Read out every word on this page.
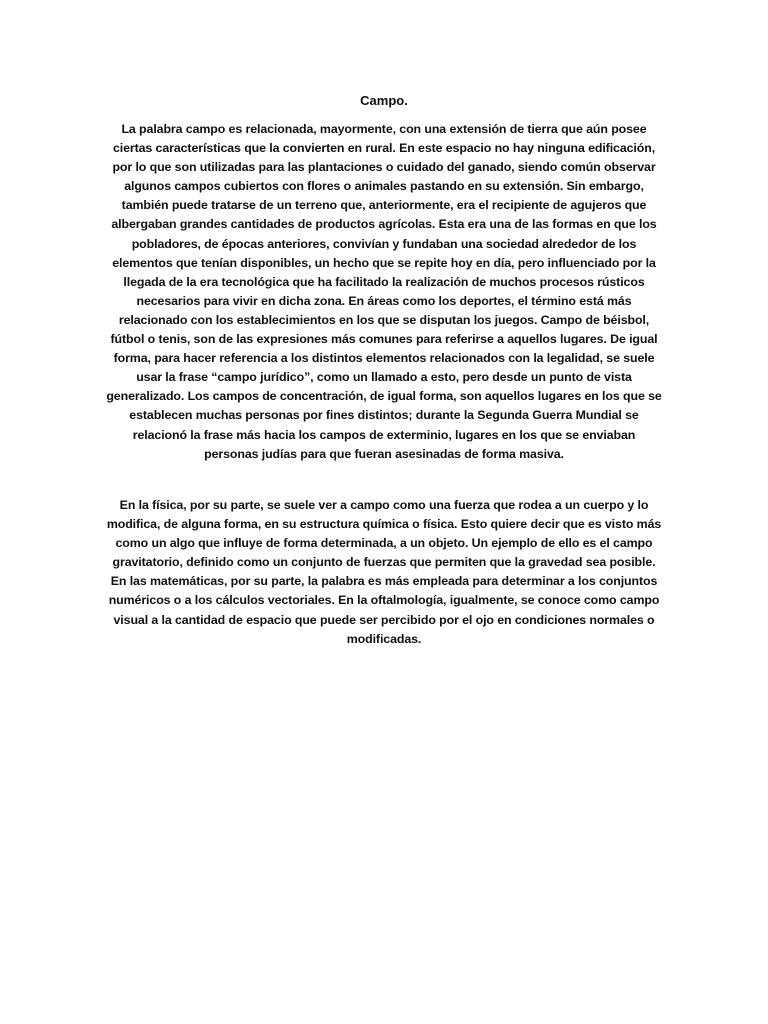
Campo.

La palabra campo es relacionada, mayormente, con una extensión de tierra que aún posee ciertas características que la convierten en rural. En este espacio no hay ninguna edificación, por lo que son utilizadas para las plantaciones o cuidado del ganado, siendo común observar algunos campos cubiertos con flores o animales pastando en su extensión. Sin embargo, también puede tratarse de un terreno que, anteriormente, era el recipiente de agujeros que albergaban grandes cantidades de productos agrícolas. Esta era una de las formas en que los pobladores, de épocas anteriores, convivían y fundaban una sociedad alrededor de los elementos que tenían disponibles, un hecho que se repite hoy en día, pero influenciado por la llegada de la era tecnológica que ha facilitado la realización de muchos procesos rústicos necesarios para vivir en dicha zona. En áreas como los deportes, el término está más relacionado con los establecimientos en los que se disputan los juegos. Campo de béisbol, fútbol o tenis, son de las expresiones más comunes para referirse a aquellos lugares. De igual forma, para hacer referencia a los distintos elementos relacionados con la legalidad, se suele usar la frase “campo jurídico”, como un llamado a esto, pero desde un punto de vista generalizado. Los campos de concentración, de igual forma, son aquellos lugares en los que se establecen muchas personas por fines distintos; durante la Segunda Guerra Mundial se relacionó la frase más hacia los campos de exterminio, lugares en los que se enviaban personas judías para que fueran asesinadas de forma masiva.

En la física, por su parte, se suele ver a campo como una fuerza que rodea a un cuerpo y lo modifica, de alguna forma, en su estructura química o física. Esto quiere decir que es visto más como un algo que influye de forma determinada, a un objeto. Un ejemplo de ello es el campo gravitatorio, definido como un conjunto de fuerzas que permiten que la gravedad sea posible. En las matemáticas, por su parte, la palabra es más empleada para determinar a los conjuntos numéricos o a los cálculos vectoriales. En la oftalmología, igualmente, se conoce como campo visual a la cantidad de espacio que puede ser percibido por el ojo en condiciones normales o modificadas.
